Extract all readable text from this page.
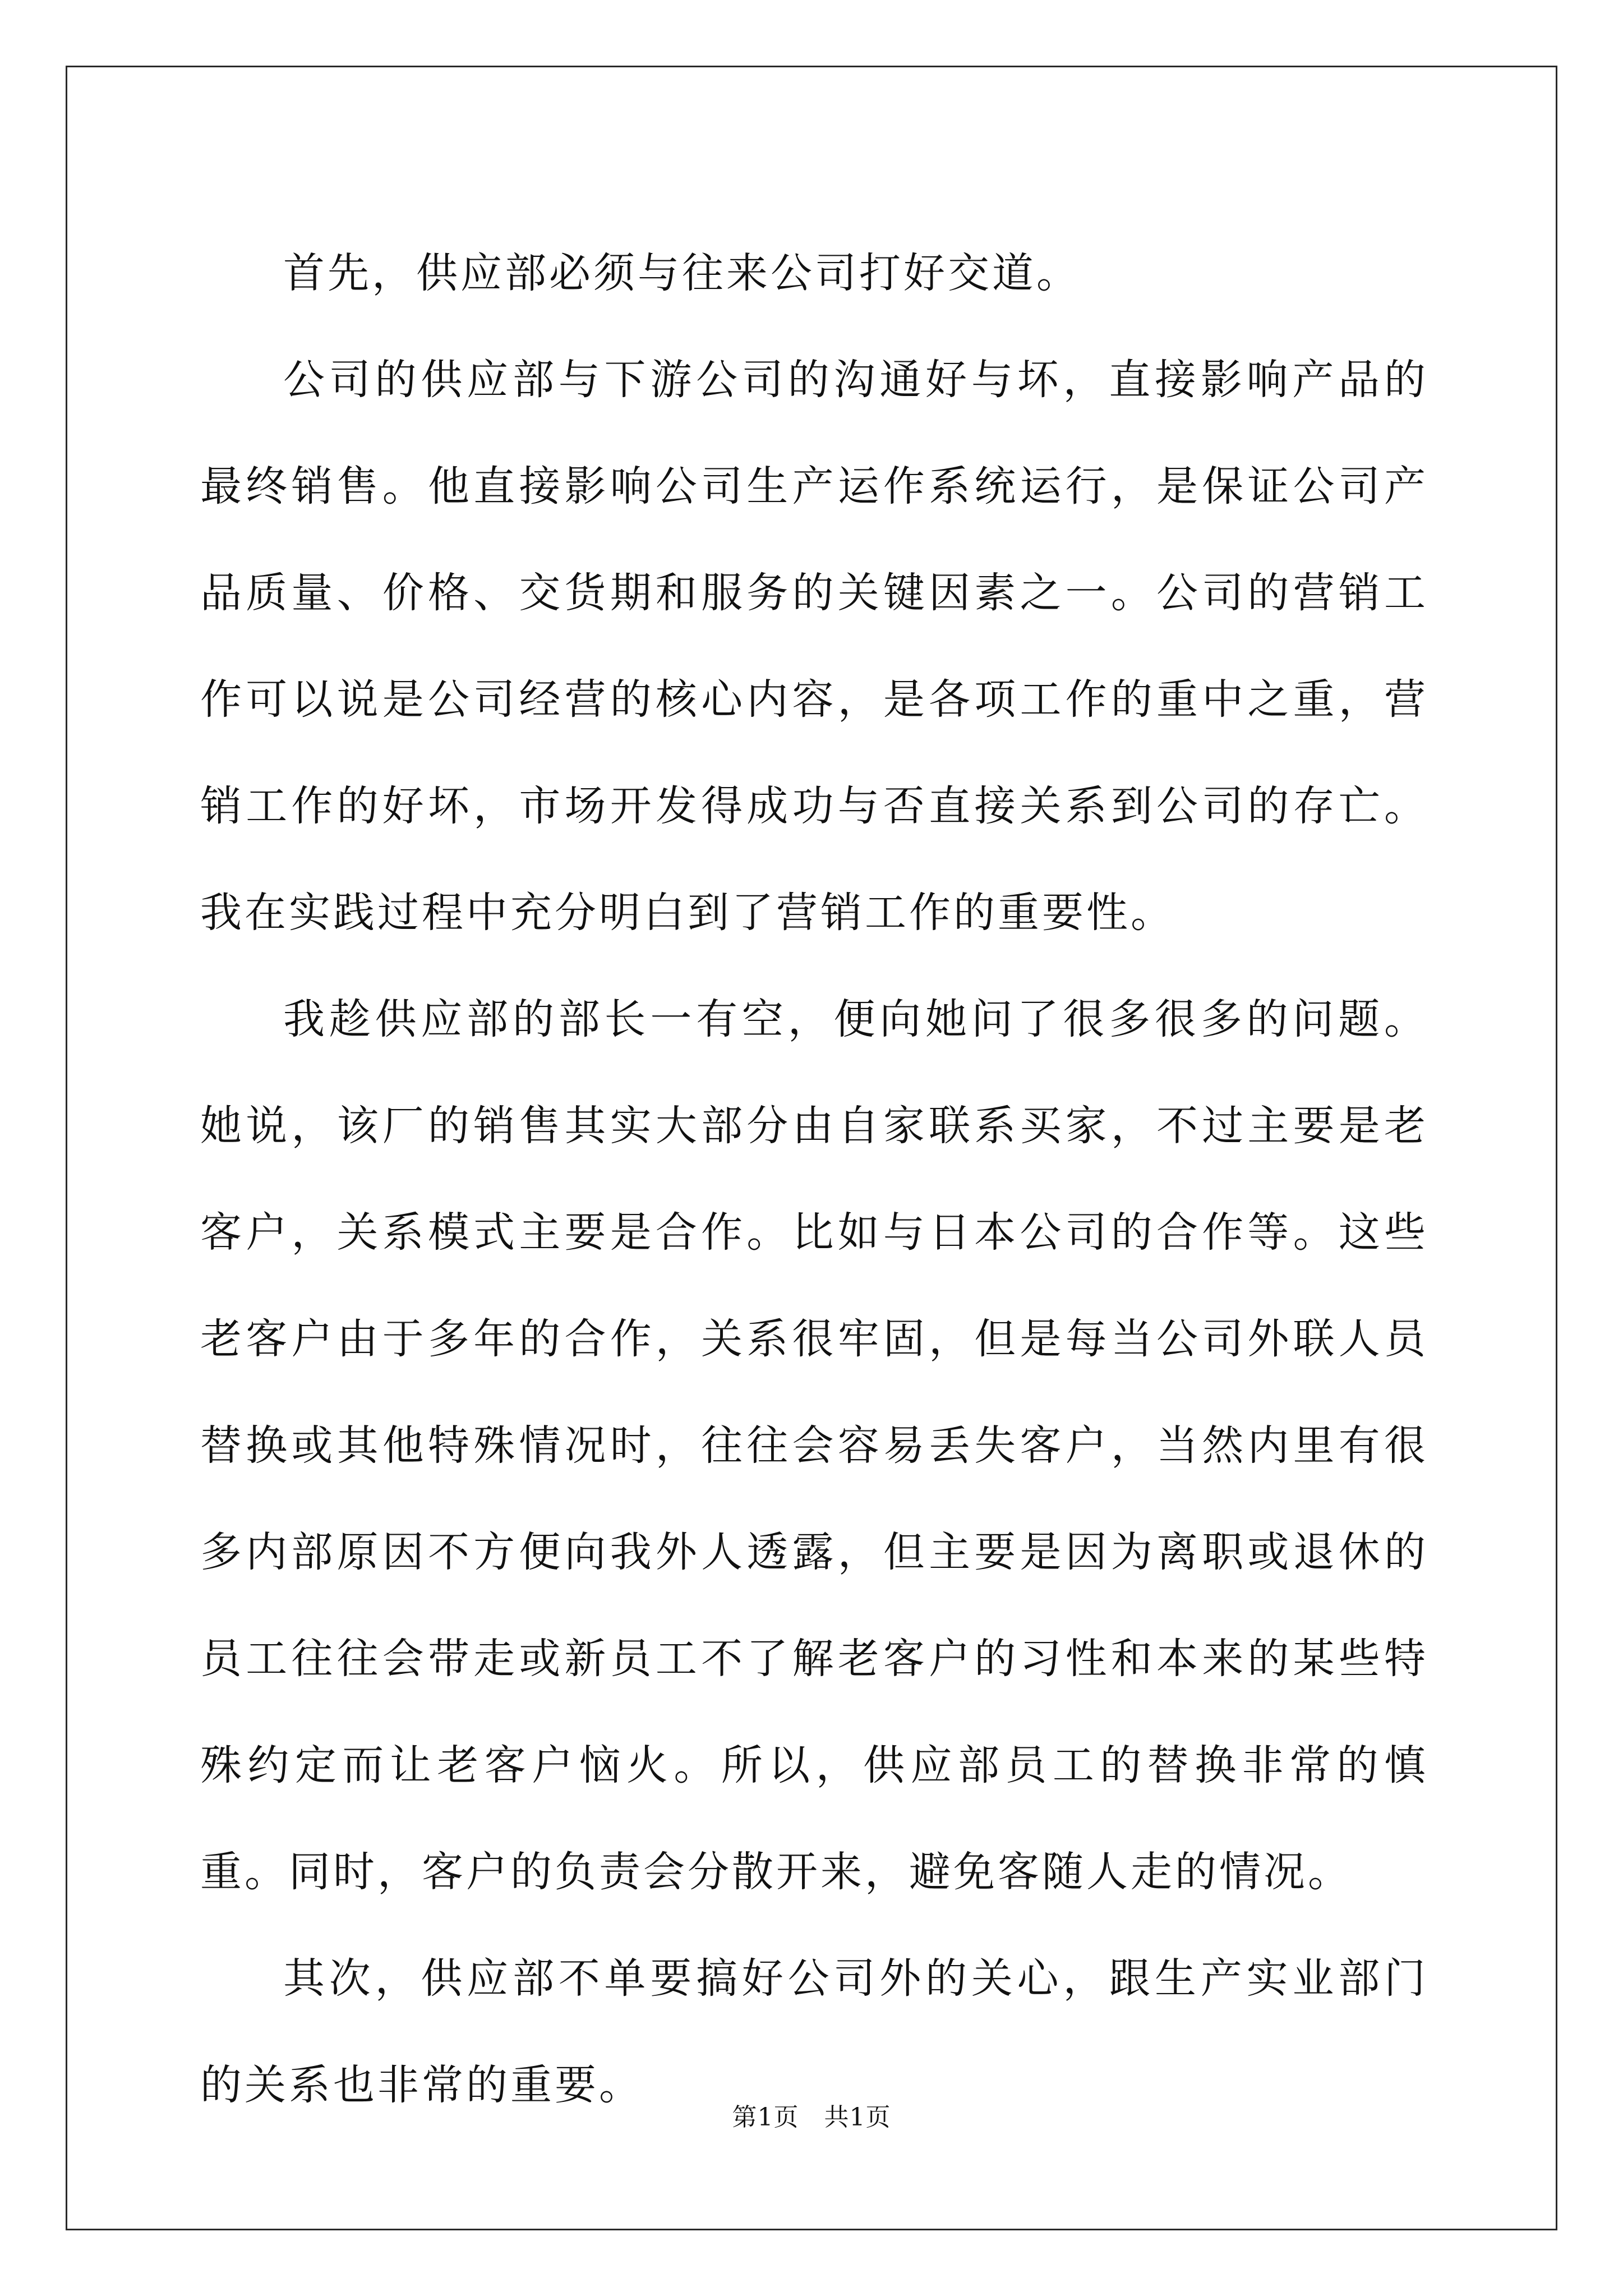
首先，供应部必须与往来公司打好交道。

公司的供应部与下游公司的沟通好与坏，直接影响产品的最终销售。他直接影响公司生产运作系统运行，是保证公司产品质量、价格、交货期和服务的关键因素之一。公司的营销工作可以说是公司经营的核心内容，是各项工作的重中之重，营销工作的好坏，市场开发得成功与否直接关系到公司的存亡。我在实践过程中充分明白到了营销工作的重要性。

我趁供应部的部长一有空，便向她问了很多很多的问题。她说，该厂的销售其实大部分由自家联系买家，不过主要是老客户，关系模式主要是合作。比如与日本公司的合作等。这些老客户由于多年的合作，关系很牢固，但是每当公司外联人员替换或其他特殊情况时，往往会容易丢失客户，当然内里有很多内部原因不方便向我外人透露，但主要是因为离职或退休的员工往往会带走或新员工不了解老客户的习性和本来的某些特殊约定而让老客户恼火。所以，供应部员工的替换非常的慎重。同时，客户的负责会分散开来，避免客随人走的情况。

其次，供应部不单要搞好公司外的关心，跟生产实业部门的关系也非常的重要。

第1页 共1页
